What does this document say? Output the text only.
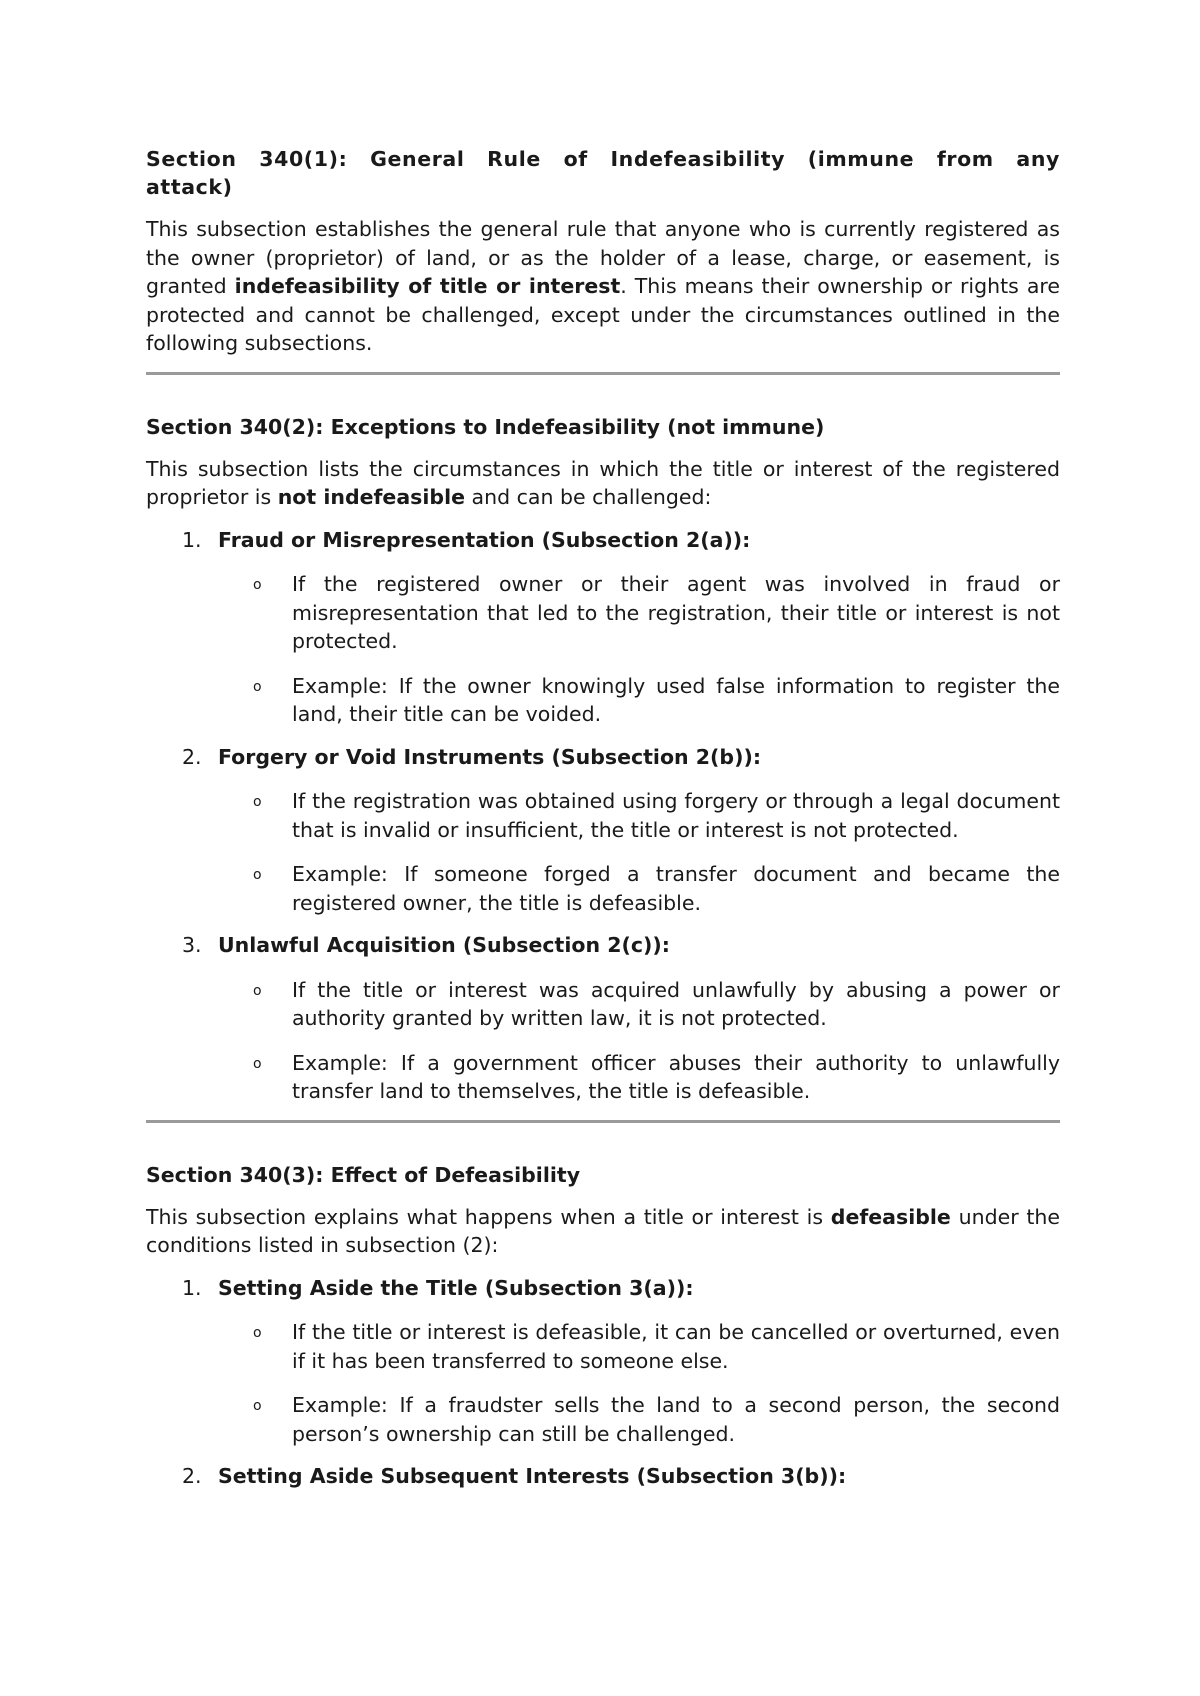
Section 340(1): General Rule of Indefeasibility (immune from any attack)

This subsection establishes the general rule that anyone who is currently registered as the owner (proprietor) of land, or as the holder of a lease, charge, or easement, is granted indefeasibility of title or interest. This means their ownership or rights are protected and cannot be challenged, except under the circumstances outlined in the following subsections.

Section 340(2): Exceptions to Indefeasibility (not immune)

This subsection lists the circumstances in which the title or interest of the registered proprietor is not indefeasible and can be challenged:

1. Fraud or Misrepresentation (Subsection 2(a)):
o If the registered owner or their agent was involved in fraud or misrepresentation that led to the registration, their title or interest is not protected.
o Example: If the owner knowingly used false information to register the land, their title can be voided.
2. Forgery or Void Instruments (Subsection 2(b)):
o If the registration was obtained using forgery or through a legal document that is invalid or insufficient, the title or interest is not protected.
o Example: If someone forged a transfer document and became the registered owner, the title is defeasible.
3. Unlawful Acquisition (Subsection 2(c)):
o If the title or interest was acquired unlawfully by abusing a power or authority granted by written law, it is not protected.
o Example: If a government officer abuses their authority to unlawfully transfer land to themselves, the title is defeasible.
Section 340(3): Effect of Defeasibility

This subsection explains what happens when a title or interest is defeasible under the conditions listed in subsection (2):

1. Setting Aside the Title (Subsection 3(a)):
o If the title or interest is defeasible, it can be cancelled or overturned, even if it has been transferred to someone else.
o Example: If a fraudster sells the land to a second person, the second person’s ownership can still be challenged.
2. Setting Aside Subsequent Interests (Subsection 3(b)):
